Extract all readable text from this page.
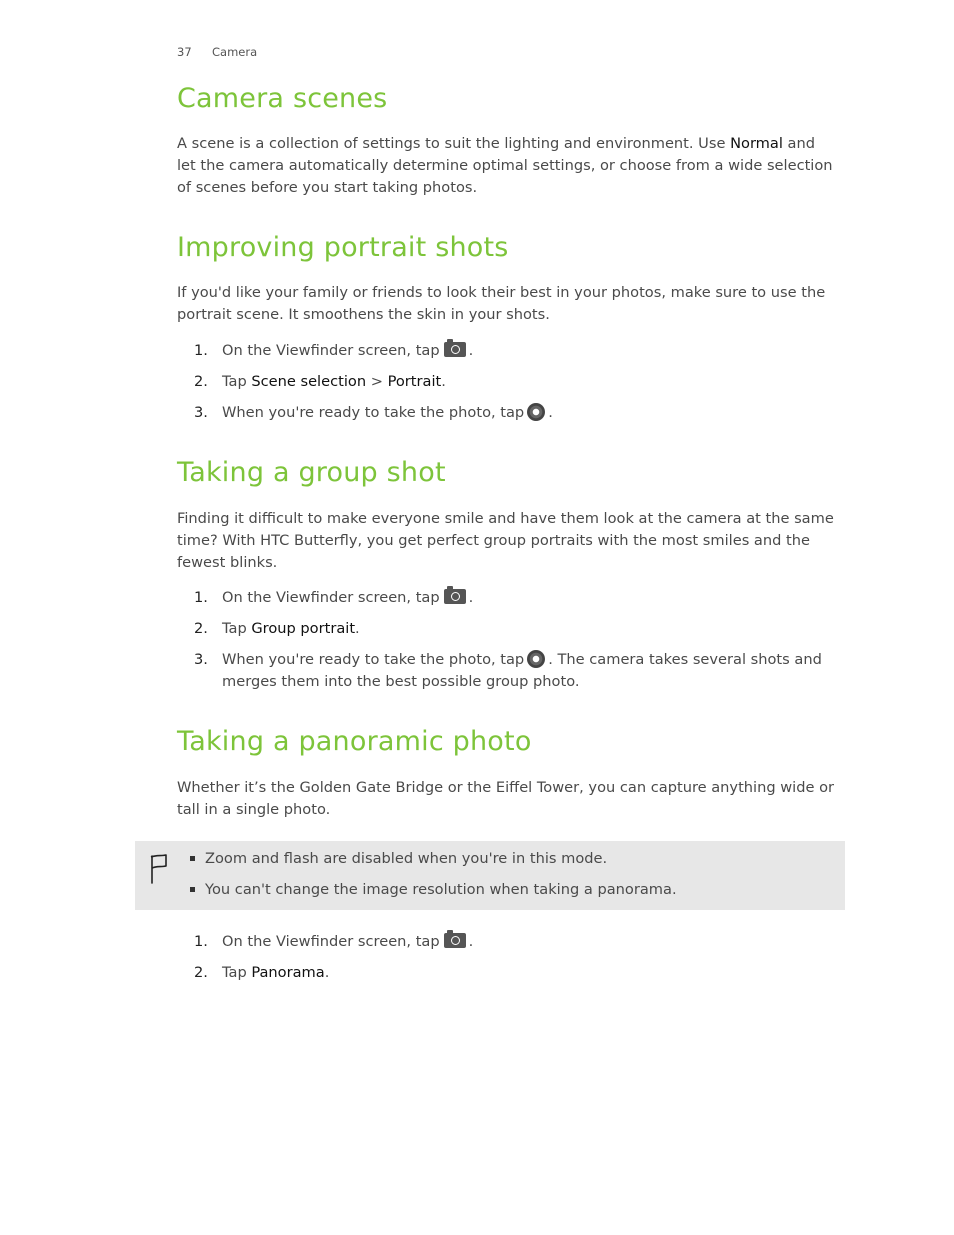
37 Camera
Camera scenes

A scene is a collection of settings to suit the lighting and environment. Use Normal and let the camera automatically determine optimal settings, or choose from a wide selection of scenes before you start taking photos.

Improving portrait shots

If you'd like your family or friends to look their best in your photos, make sure to use the portrait scene. It smoothens the skin in your shots.

1. On the Viewfinder screen, tap .
2. Tap Scene selection > Portrait.
3. When you're ready to take the photo, tap .
Taking a group shot

Finding it difficult to make everyone smile and have them look at the camera at the same time? With HTC Butterfly, you get perfect group portraits with the most smiles and the fewest blinks.

1. On the Viewfinder screen, tap .
2. Tap Group portrait.
3. When you're ready to take the photo, tap . The camera takes several shots and merges them into the best possible group photo.
Taking a panoramic photo

Whether it’s the Golden Gate Bridge or the Eiffel Tower, you can capture anything wide or tall in a single photo.

Zoom and flash are disabled when you're in this mode.
You can't change the image resolution when taking a panorama.
1. On the Viewfinder screen, tap .
2. Tap Panorama.
